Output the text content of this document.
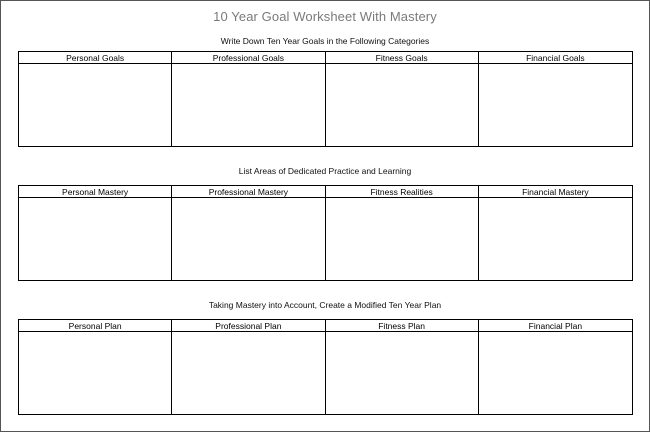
10 Year Goal Worksheet With Mastery
Write Down Ten Year Goals in the Following Categories
Personal Goals	Professional Goals	Fitness Goals	Financial Goals
List Areas of Dedicated Practice and Learning
Personal Mastery	Professional Mastery	Fitness Realities	Financial Mastery
Taking Mastery into Account, Create a Modified Ten Year Plan
Personal Plan	Professional Plan	Fitness Plan	Financial Plan
